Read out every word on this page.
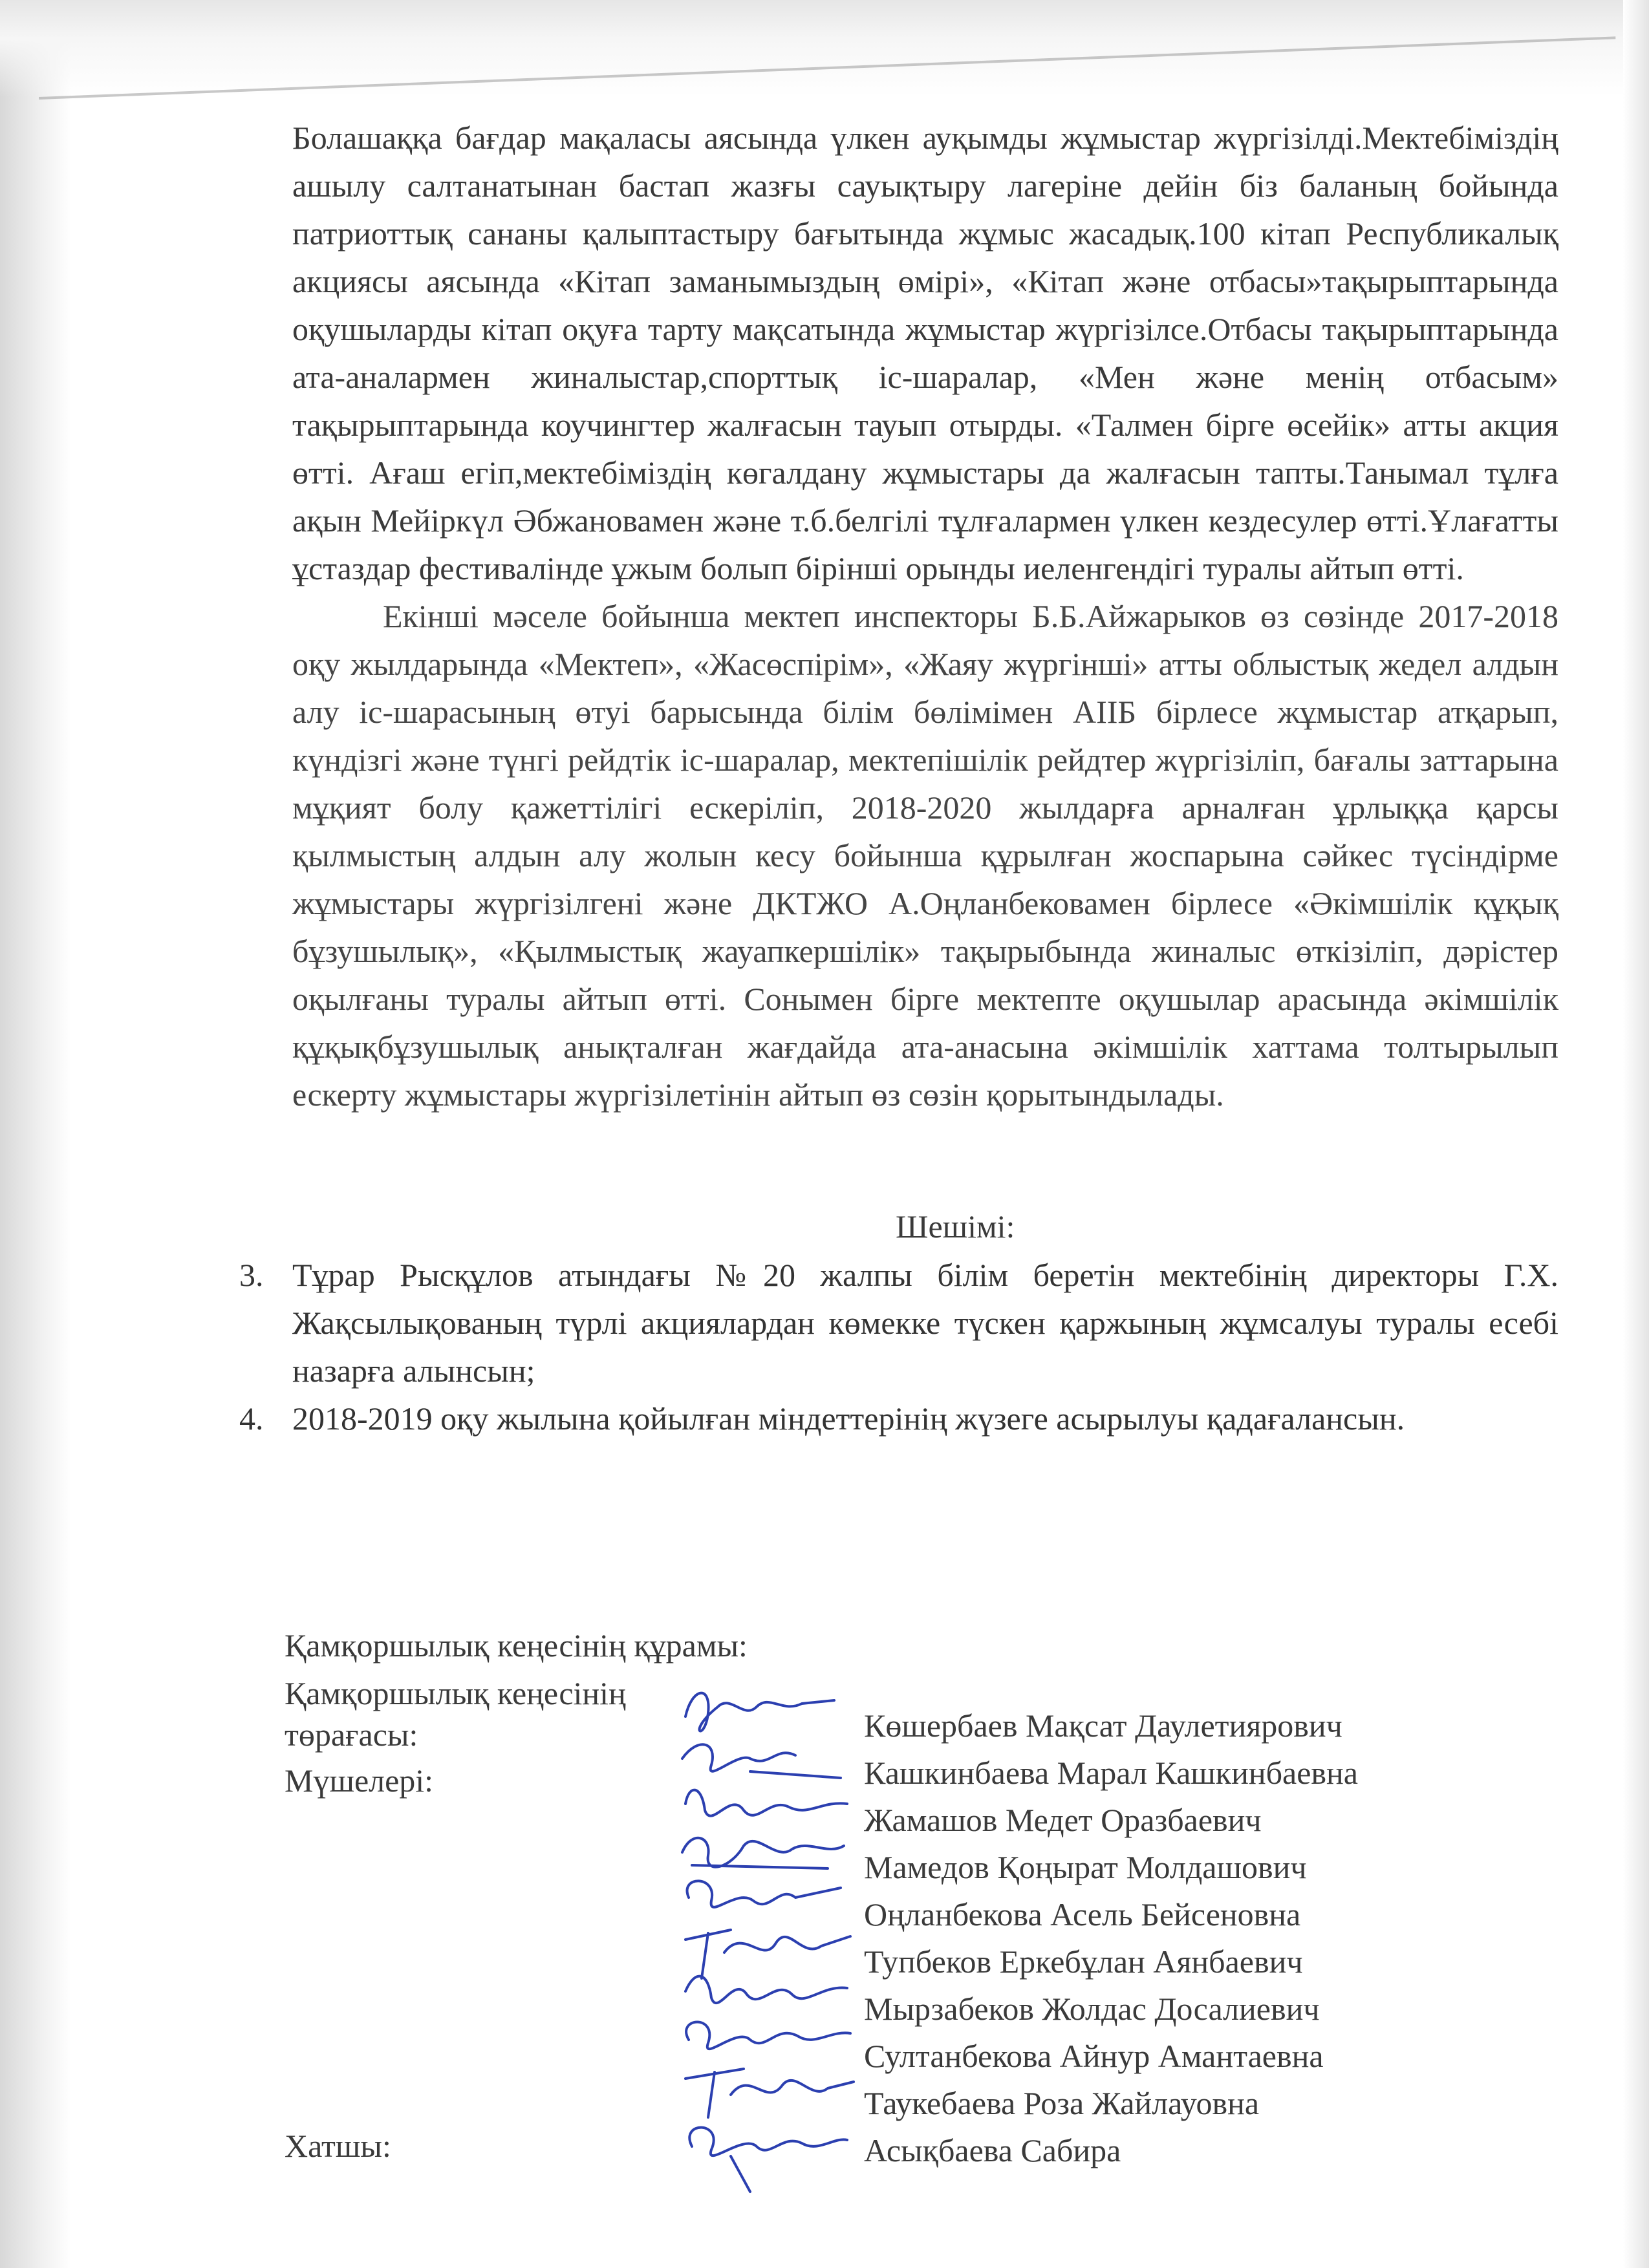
Болашаққа бағдар мақаласы аясында үлкен ауқымды жұмыстар жүргізілді.Мектебіміздің ашылу салтанатынан бастап жазғы сауықтыру лагеріне дейін біз баланың бойында патриоттық сананы қалыптастыру бағытында жұмыс жасадық.100 кітап Республикалық акциясы аясында «Кітап заманымыздың өмірі», «Кітап және отбасы»тақырыптарында оқушыларды кітап оқуға тарту мақсатында жұмыстар жүргізілсе.Отбасы тақырыптарында ата-аналармен жиналыстар,спорттық іс-шаралар, «Мен және менің отбасым» тақырыптарында коучингтер жалғасын тауып отырды. «Талмен бірге өсейік» атты акция өтті. Ағаш егіп,мектебіміздің көгалдану жұмыстары да жалғасын тапты.Танымал тұлға ақын Мейіркүл Әбжановамен және т.б.белгілі тұлғалармен үлкен кездесулер өтті.Ұлағатты ұстаздар фестивалінде ұжым болып бірінші орынды иеленгендігі туралы айтып өтті.

Екінші мәселе бойынша мектеп инспекторы Б.Б.Айжарыков өз сөзінде 2017-2018 оқу жылдарында «Мектеп», «Жасөспірім», «Жаяу жүргінші» атты облыстық жедел алдын алу іс-шарасының өтуі барысында білім бөлімімен АІІБ бірлесе жұмыстар атқарып, күндізгі және түнгі рейдтік іс-шаралар, мектепішілік рейдтер жүргізіліп, бағалы заттарына мұқият болу қажеттілігі ескеріліп, 2018-2020 жылдарға арналған ұрлыққа қарсы қылмыстың алдын алу жолын кесу бойынша құрылған жоспарына сәйкес түсіндірме жұмыстары жүргізілгені және ДКТЖО А.Оңланбековамен бірлесе «Әкімшілік құқық бұзушылық», «Қылмыстық жауапкершілік» тақырыбында жиналыс өткізіліп, дәрістер оқылғаны туралы айтып өтті. Сонымен бірге мектепте оқушылар арасында әкімшілік құқықбұзушылық анықталған жағдайда ата-анасына әкімшілік хаттама толтырылып ескерту жұмыстары жүргізілетінін айтып өз сөзін қорытындылады.

Шешімі:
3. Тұрар Рысқұлов атындағы №20 жалпы білім беретін мектебінің директоры Г.Х. Жақсылықованың түрлі акциялардан көмекке түскен қаржының жұмсалуы туралы есебі назарға алынсын;
4. 2018-2019 оқу жылына қойылған міндеттерінің жүзеге асырылуы қадағалансын.
Қамқоршылық кеңесінің құрамы:
Қамқоршылық кеңесінің
төрағасы:
Мүшелері:
Хатшы:
Көшербаев Мақсат Даулетиярович
Кашкинбаева Марал Кашкинбаевна
Жамашов Медет Оразбаевич
Мамедов Қоңырат Молдашович
Оңланбекова Асель Бейсеновна
Тупбеков Еркебұлан Аянбаевич
Мырзабеков Жолдас Досалиевич
Султанбекова Айнур Амантаевна
Таукебаева Роза Жайлауовна
Асықбаева Сабира
